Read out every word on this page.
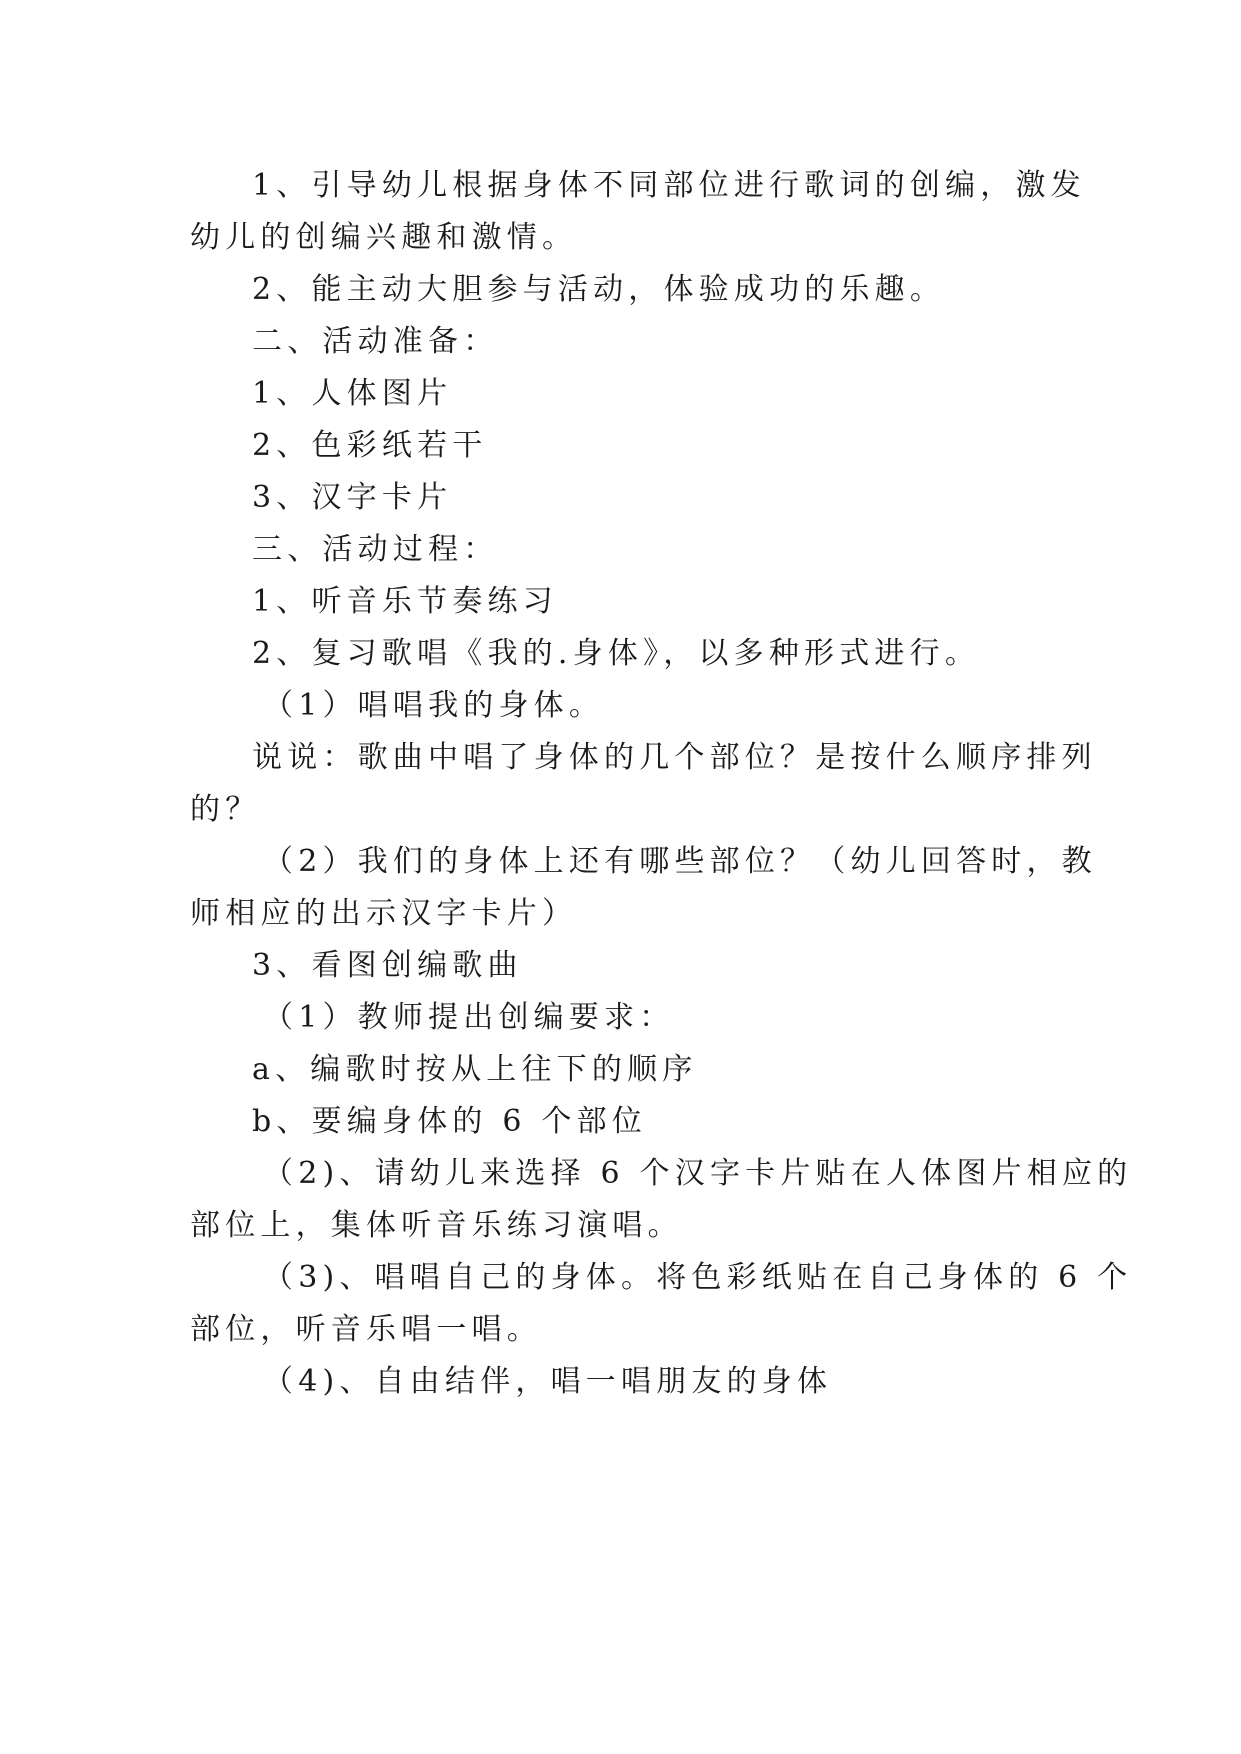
1、引导幼儿根据身体不同部位进行歌词的创编，激发
幼儿的创编兴趣和激情。
2、能主动大胆参与活动，体验成功的乐趣。
二、活动准备：
1、人体图片
2、色彩纸若干
3、汉字卡片
三、活动过程：
1、听音乐节奏练习
2、复习歌唱《我的.身体》，以多种形式进行。
（1）唱唱我的身体。
说说：歌曲中唱了身体的几个部位？是按什么顺序排列
的？
（2）我们的身体上还有哪些部位？（幼儿回答时，教
师相应的出示汉字卡片）
3、看图创编歌曲
（1）教师提出创编要求：
a、编歌时按从上往下的顺序
b、要编身体的 6 个部位
（2)、请幼儿来选择 6 个汉字卡片贴在人体图片相应的
部位上，集体听音乐练习演唱。
（3)、唱唱自己的身体。将色彩纸贴在自己身体的 6 个
部位，听音乐唱一唱。
（4)、自由结伴，唱一唱朋友的身体
